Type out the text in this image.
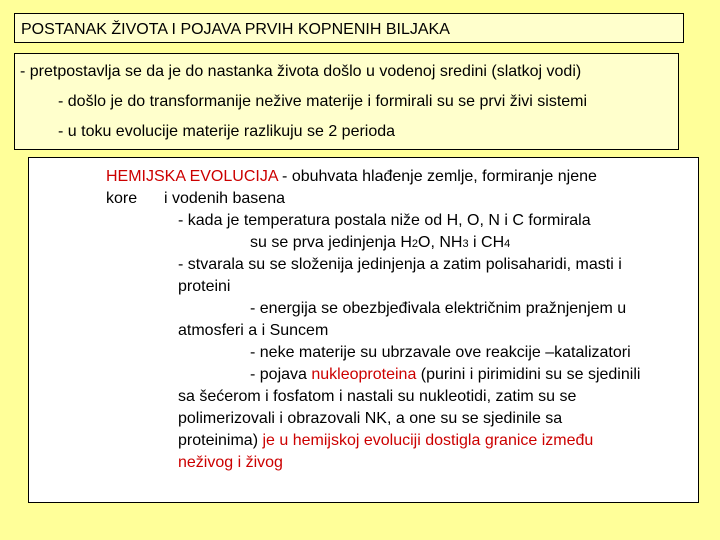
POSTANAK ŽIVOTA I POJAVA PRVIH KOPNENIH BILJAKA
- pretpostavlja se da je do nastanka života došlo u vodenoj sredini (slatkoj vodi)
- došlo je do transformanije nežive materije i formirali su se prvi živi sistemi
- u toku evolucije materije razlikuju se 2 perioda
HEMIJSKA EVOLUCIJA - obuhvata hlađenje zemlje, formiranje njene
kore i vodenih basena
- kada je temperatura postala niže od H, O, N i C formirala
su se prva jedinjenja H2O, NH3 i CH4
- stvarala su se složenija jedinjenja a zatim polisaharidi, masti i
proteini
- energija se obezbjeđivala električnim pražnjenjem u
atmosferi a i Suncem
- neke materije su ubrzavale ove reakcije –katalizatori
- pojava nukleoproteina (purini i pirimidini su se sjedinili
sa šećerom i fosfatom i nastali su nukleotidi, zatim su se
polimerizovali i obrazovali NK, a one su se sjedinile sa
proteinima) je u hemijskoj evoluciji dostigla granice između
neživog i živog
